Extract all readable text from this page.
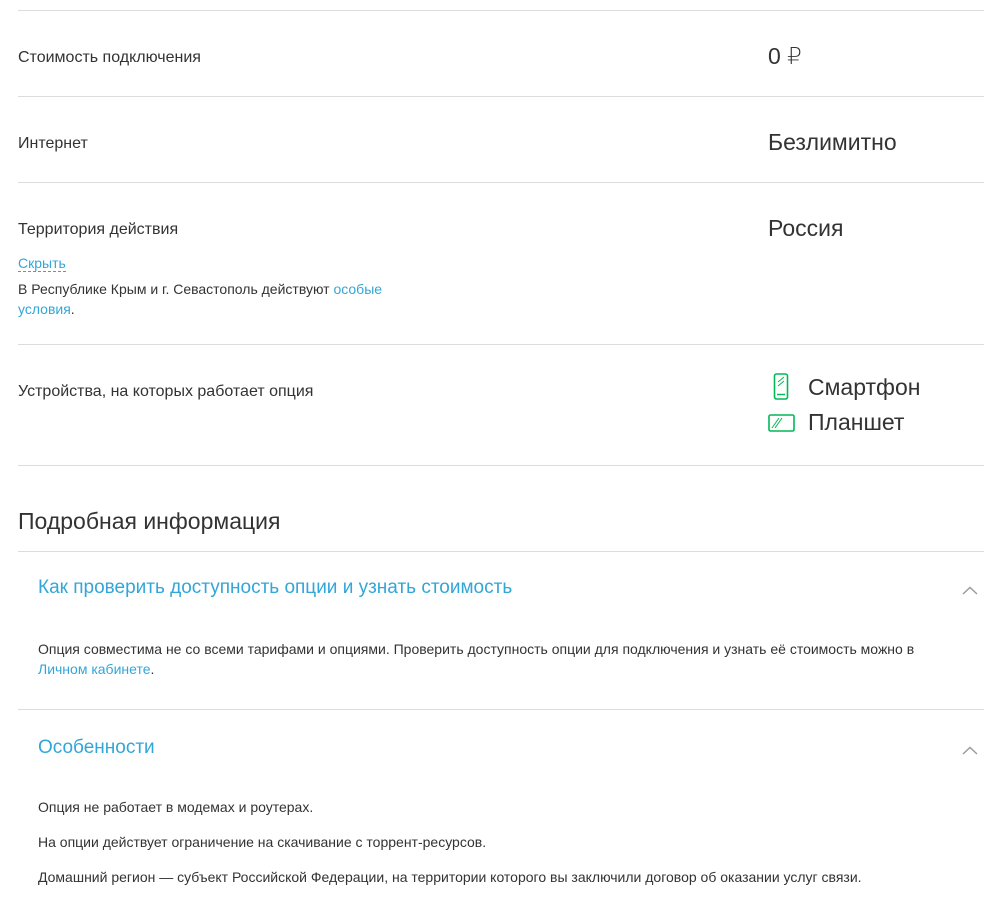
Стоимость подключения	0 ₽
Интернет	Безлимитно
Территория действия	Россия
Скрыть
В Республике Крым и г. Севастополь действуют особые условия.
Устройства, на которых работает опция	Смартфон
Планшет
Подробная информация
Как проверить доступность опции и узнать стоимость
Опция совместима не со всеми тарифами и опциями. Проверить доступность опции для подключения и узнать её стоимость можно в Личном кабинете.
Особенности
Опция не работает в модемах и роутерах.
На опции действует ограничение на скачивание с торрент-ресурсов.
Домашний регион — субъект Российской Федерации, на территории которого вы заключили договор об оказании услуг связи.
